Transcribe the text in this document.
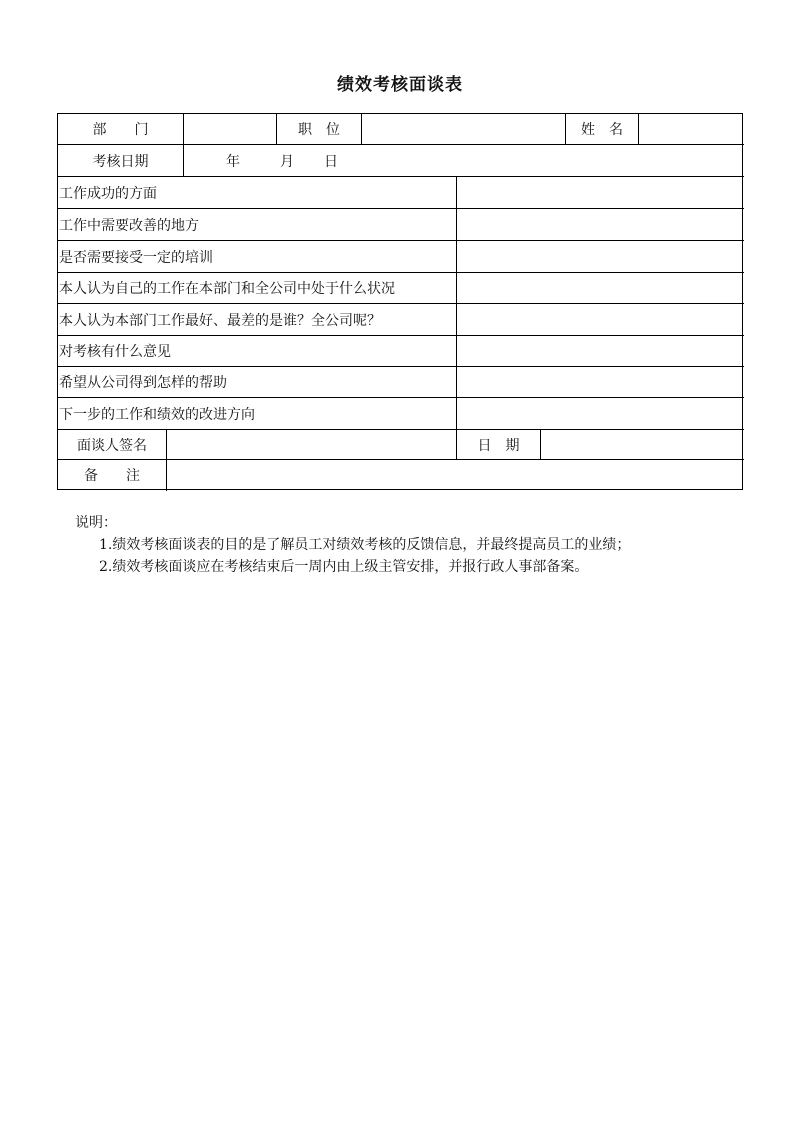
绩效考核面谈表
部　　门	职　位	姓　名
考核日期	年	月 日
工作成功的方面
工作中需要改善的地方
是否需要接受一定的培训
本人认为自己的工作在本部门和全公司中处于什么状况
本人认为本部门工作最好、最差的是谁？全公司呢？
对考核有什么意见
希望从公司得到怎样的帮助
下一步的工作和绩效的改进方向
面谈人签名	日　期
备　　注
说明：
1.绩效考核面谈表的目的是了解员工对绩效考核的反馈信息，并最终提高员工的业绩；
2.绩效考核面谈应在考核结束后一周内由上级主管安排，并报行政人事部备案。
